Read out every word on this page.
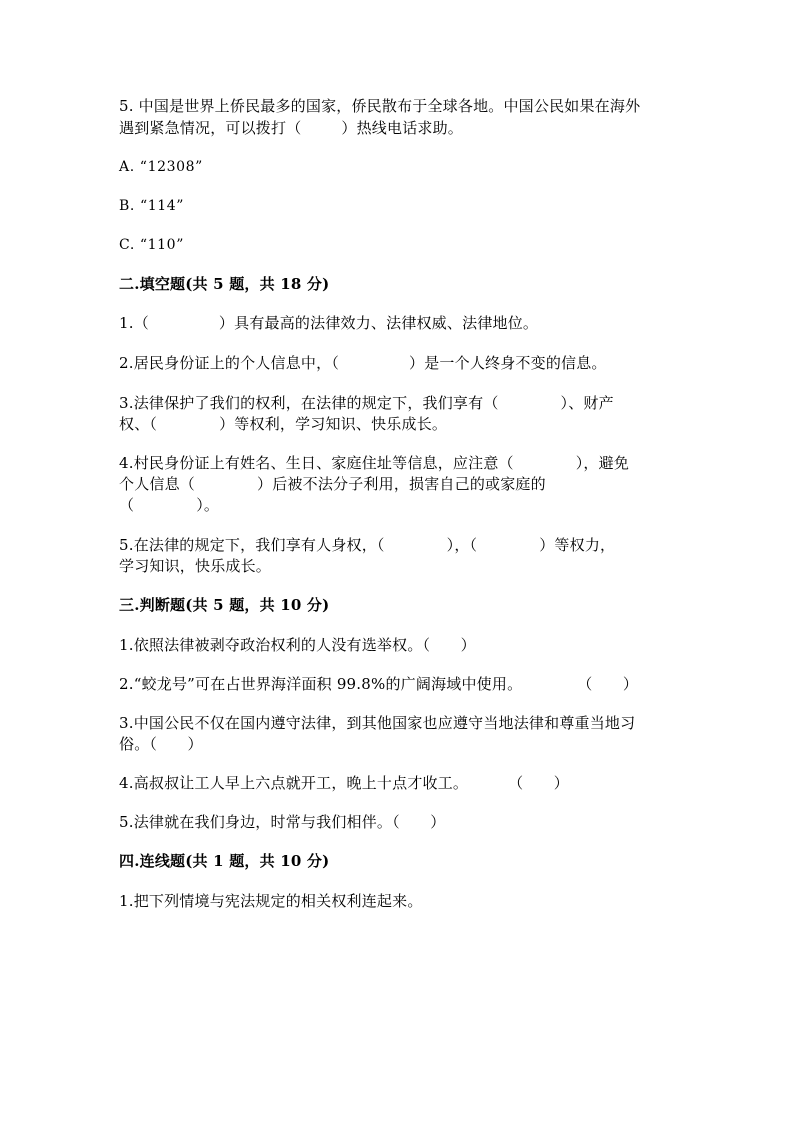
5. 中国是世界上侨民最多的国家，侨民散布于全球各地。中国公民如果在海外

遇到紧急情况，可以拨打（	）热线电话求助。

A. “12308”

B. “114”

C. “110”

二.填空题(共 5 题，共 18 分)

1.（	）具有最高的法律效力、法律权威、法律地位。

2.居民身份证上的个人信息中，（	）是一个人终身不变的信息。

3.法律保护了我们的权利，在法律的规定下，我们享有（	）、财产

权、（	）等权利，学习知识、快乐成长。

4.村民身份证上有姓名、生日、家庭住址等信息，应注意（	），避免

个人信息（	）后被不法分子利用，损害自己的或家庭的

（	）。

5.在法律的规定下，我们享有人身权，（	），（	）等权力，

学习知识，快乐成长。

三.判断题(共 5 题，共 10 分)

1.依照法律被剥夺政治权利的人没有选举权。（　　）

2.“蛟龙号”可在占世界海洋面积 99.8%的广阔海域中使用。	（　　）

3.中国公民不仅在国内遵守法律，到其他国家也应遵守当地法律和尊重当地习

俗。（　　）

4.高叔叔让工人早上六点就开工，晚上十点才收工。	（　　）

5.法律就在我们身边，时常与我们相伴。（　　）

四.连线题(共 1 题，共 10 分)

1.把下列情境与宪法规定的相关权利连起来。
